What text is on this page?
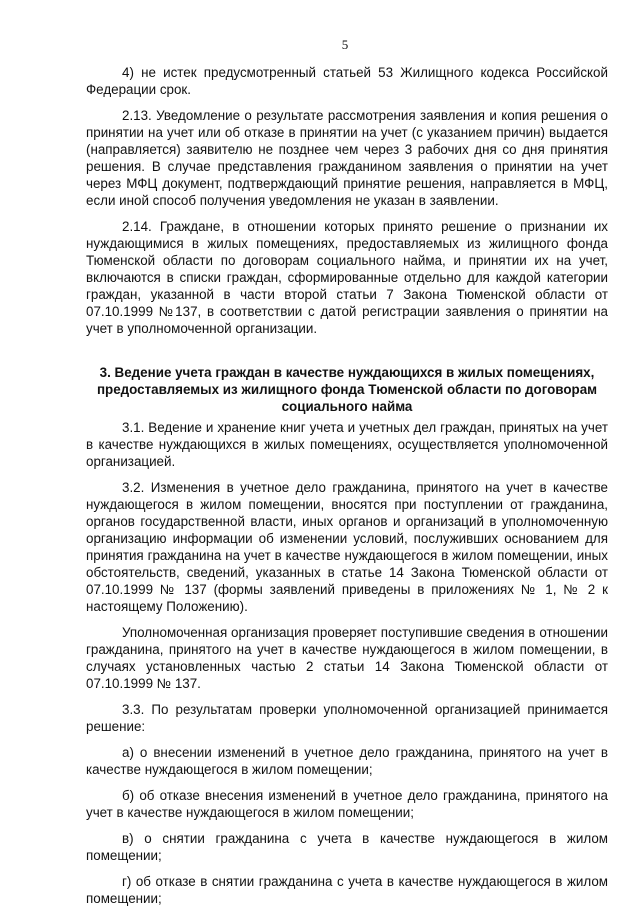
5

4) не истек предусмотренный статьей 53 Жилищного кодекса Российской Федерации срок.

2.13. Уведомление о результате рассмотрения заявления и копия решения о принятии на учет или об отказе в принятии на учет (с указанием причин) выдается (направляется) заявителю не позднее чем через 3 рабочих дня со дня принятия решения. В случае представления гражданином заявления о принятии на учет через МФЦ документ, подтверждающий принятие решения, направляется в МФЦ, если иной способ получения уведомления не указан в заявлении.

2.14. Граждане, в отношении которых принято решение о признании их нуждающимися в жилых помещениях, предоставляемых из жилищного фонда Тюменской области по договорам социального найма, и принятии их на учет, включаются в списки граждан, сформированные отдельно для каждой категории граждан, указанной в части второй статьи 7 Закона Тюменской области от 07.10.1999 №137, в соответствии с датой регистрации заявления о принятии на учет в уполномоченной организации.

3. Ведение учета граждан в качестве нуждающихся в жилых помещениях, предоставляемых из жилищного фонда Тюменской области по договорам социального найма

3.1. Ведение и хранение книг учета и учетных дел граждан, принятых на учет в качестве нуждающихся в жилых помещениях, осуществляется уполномоченной организацией.

3.2. Изменения в учетное дело гражданина, принятого на учет в качестве нуждающегося в жилом помещении, вносятся при поступлении от гражданина, органов государственной власти, иных органов и организаций в уполномоченную организацию информации об изменении условий, послуживших основанием для принятия гражданина на учет в качестве нуждающегося в жилом помещении, иных обстоятельств, сведений, указанных в статье 14 Закона Тюменской области от 07.10.1999 № 137 (формы заявлений приведены в приложениях № 1, № 2 к настоящему Положению).

Уполномоченная организация проверяет поступившие сведения в отношении гражданина, принятого на учет в качестве нуждающегося в жилом помещении, в случаях установленных частью 2 статьи 14 Закона Тюменской области от 07.10.1999 № 137.

3.3. По результатам проверки уполномоченной организацией принимается решение:

а) о внесении изменений в учетное дело гражданина, принятого на учет в качестве нуждающегося в жилом помещении;

б) об отказе внесения изменений в учетное дело гражданина, принятого на учет в качестве нуждающегося в жилом помещении;

в) о снятии гражданина с учета в качестве нуждающегося в жилом помещении;

г) об отказе в снятии гражданина с учета в качестве нуждающегося в жилом помещении;
